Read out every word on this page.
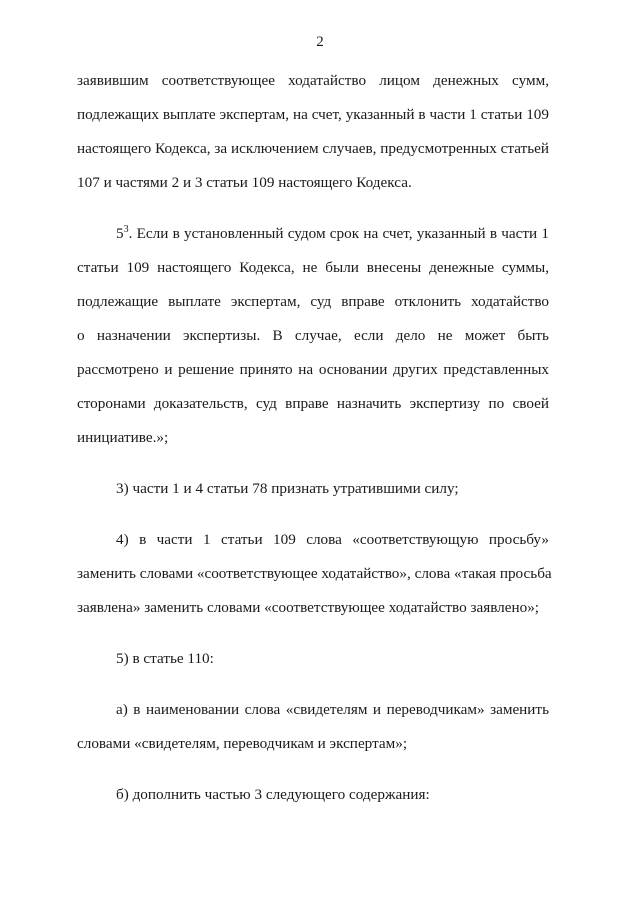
2
заявившим соответствующее ходатайство лицом денежных сумм,
подлежащих выплате экспертам, на счет, указанный в части 1 статьи 109
настоящего Кодекса, за исключением случаев, предусмотренных статьей
107 и частями 2 и 3 статьи 109 настоящего Кодекса.
$5^3$. Если в установленный судом срок на счет, указанный в части 1
статьи 109 настоящего Кодекса, не были внесены денежные суммы,
подлежащие выплате экспертам, суд вправе отклонить ходатайство
о назначении экспертизы. В случае, если дело не может быть
рассмотрено и решение принято на основании других представленных
сторонами доказательств, суд вправе назначить экспертизу по своей
инициативе.»;
3) части 1 и 4 статьи 78 признать утратившими силу;
4) в части 1 статьи 109 слова «соответствующую просьбу»
заменить словами «соответствующее ходатайство», слова «такая просьба
заявлена» заменить словами «соответствующее ходатайство заявлено»;
5) в статье 110:
а) в наименовании слова «свидетелям и переводчикам» заменить
словами «свидетелям, переводчикам и экспертам»;
б) дополнить частью 3 следующего содержания:
